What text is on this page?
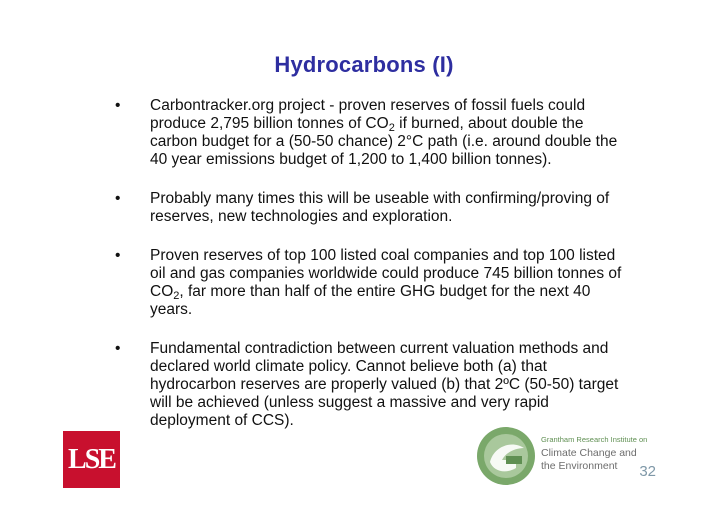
Hydrocarbons (I)
• Carbontracker.org project - proven reserves of fossil fuels could produce 2,795 billion tonnes of $CO_2$ if burned, about double the carbon budget for a (50-50 chance) 2°C path (i.e. around double the 40 year emissions budget of 1,200 to 1,400 billion tonnes).

• Probably many times this will be useable with confirming/proving of reserves, new technologies and exploration.

• Proven reserves of top 100 listed coal companies and top 100 listed oil and gas companies worldwide could produce 745 billion tonnes of $CO_2$, far more than half of the entire GHG budget for the next 40 years.

• Fundamental contradiction between current valuation methods and declared world climate policy. Cannot believe both (a) that hydrocarbon reserves are properly valued (b) that 2ºC (50-50) target will be achieved (unless suggest a massive and very rapid deployment of CCS).

LSE
Grantham Research Institute on
Climate Change and
the Environment	32
